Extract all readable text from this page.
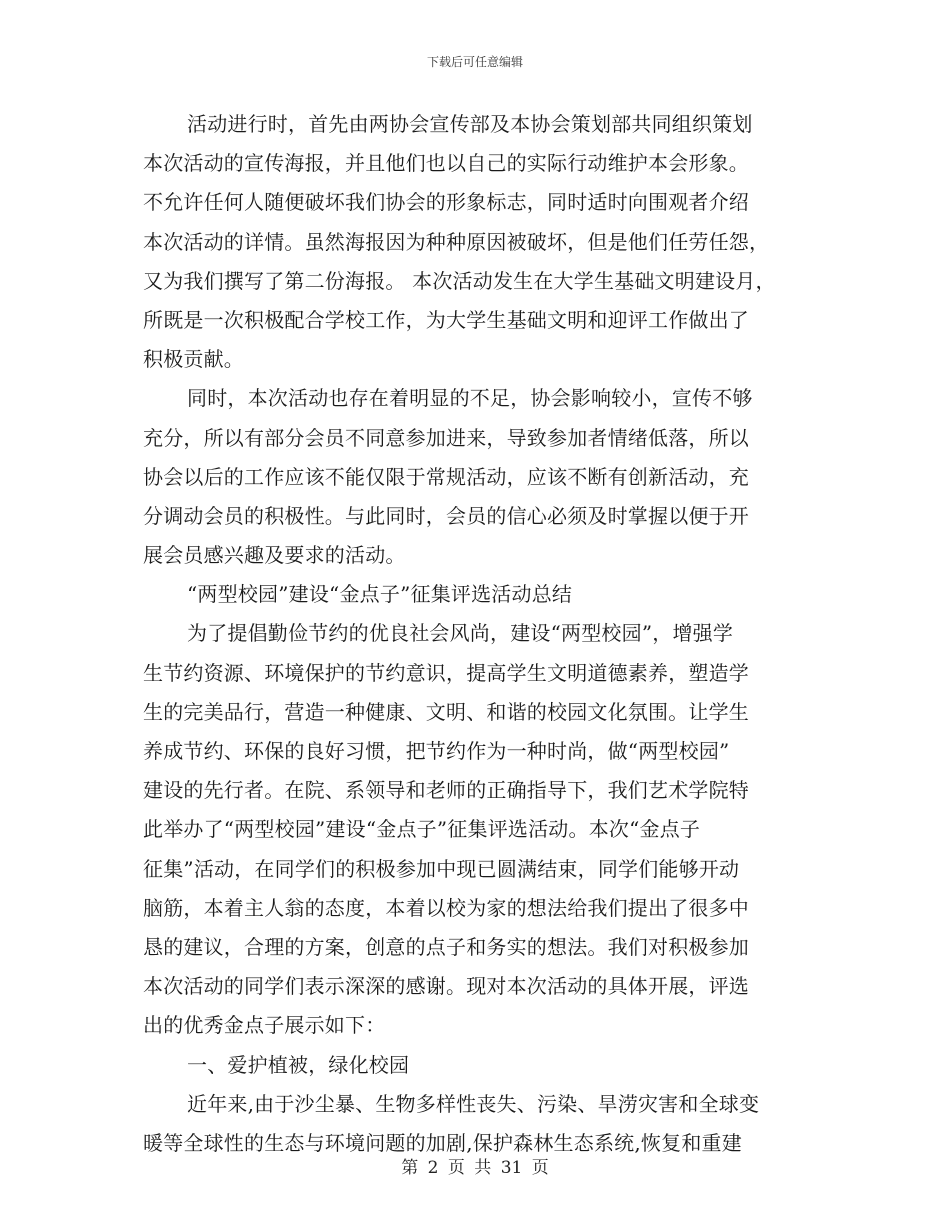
下载后可任意编辑
活动进行时，首先由两协会宣传部及本协会策划部共同组织策划
本次活动的宣传海报，并且他们也以自己的实际行动维护本会形象。
不允许任何人随便破坏我们协会的形象标志，同时适时向围观者介绍
本次活动的详情。虽然海报因为种种原因被破坏，但是他们任劳任怨，
又为我们撰写了第二份海报。 本次活动发生在大学生基础文明建设月，
所既是一次积极配合学校工作，为大学生基础文明和迎评工作做出了
积极贡献。
同时，本次活动也存在着明显的不足，协会影响较小，宣传不够
充分，所以有部分会员不同意参加进来，导致参加者情绪低落，所以
协会以后的工作应该不能仅限于常规活动，应该不断有创新活动，充
分调动会员的积极性。与此同时，会员的信心必须及时掌握以便于开
展会员感兴趣及要求的活动。
“两型校园”建设“金点子”征集评选活动总结
为了提倡勤俭节约的优良社会风尚，建设“两型校园”，增强学
生节约资源、环境保护的节约意识，提高学生文明道德素养，塑造学
生的完美品行，营造一种健康、文明、和谐的校园文化氛围。让学生
养成节约、环保的良好习惯，把节约作为一种时尚，做“两型校园”
建设的先行者。在院、系领导和老师的正确指导下，我们艺术学院特
此举办了“两型校园”建设“金点子”征集评选活动。本次“金点子
征集”活动，在同学们的积极参加中现已圆满结束，同学们能够开动
脑筋，本着主人翁的态度，本着以校为家的想法给我们提出了很多中
恳的建议，合理的方案，创意的点子和务实的想法。我们对积极参加
本次活动的同学们表示深深的感谢。现对本次活动的具体开展，评选
出的优秀金点子展示如下：
一、爱护植被，绿化校园
近年来,由于沙尘暴、生物多样性丧失、污染、旱涝灾害和全球变
暖等全球性的生态与环境问题的加剧,保护森林生态系统,恢复和重建
第 2 页 共 31 页
